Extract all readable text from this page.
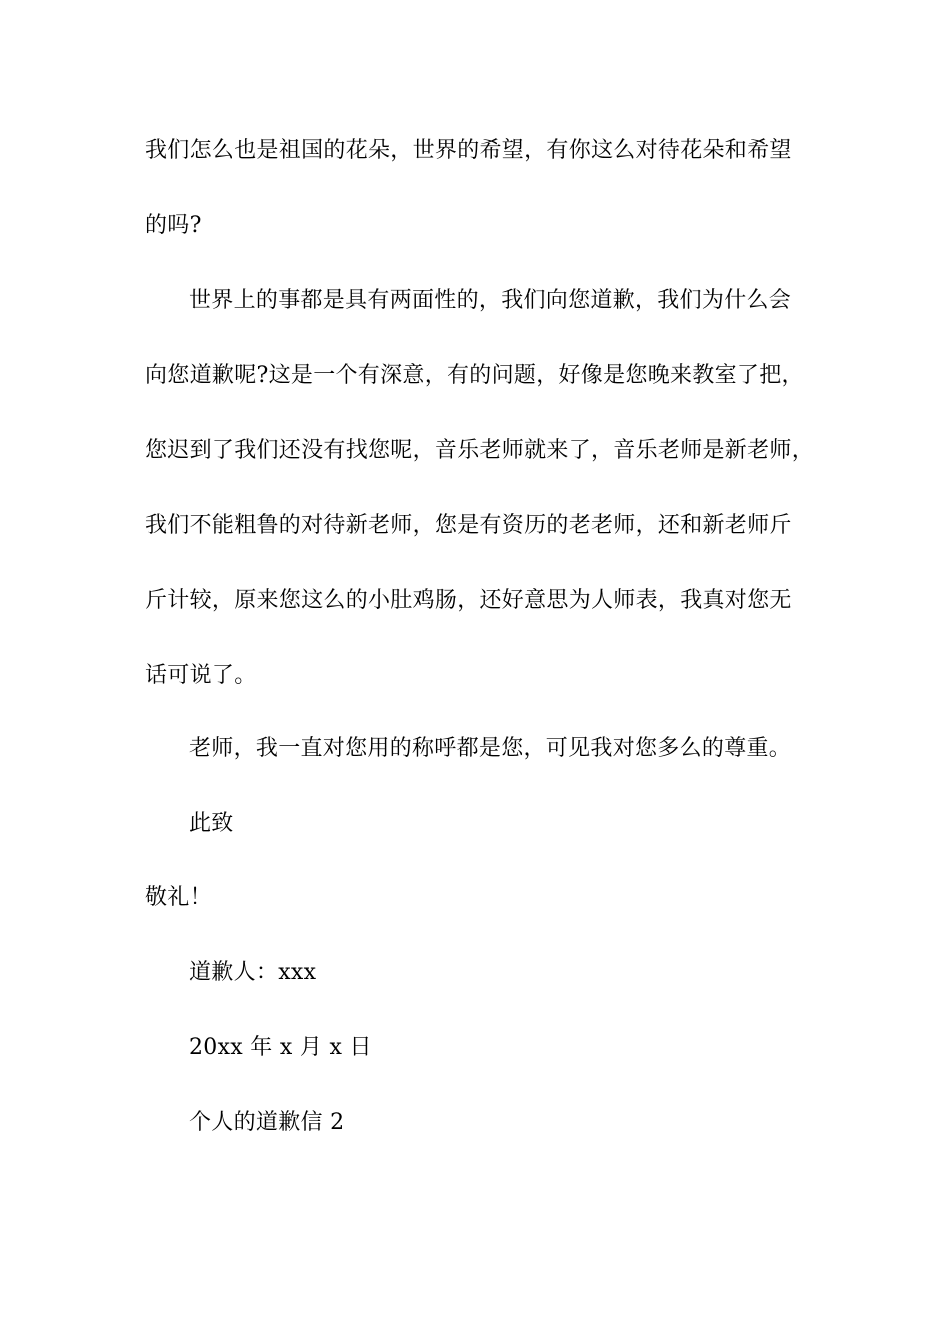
我们怎么也是祖国的花朵，世界的希望，有你这么对待花朵和希望
的吗?
世界上的事都是具有两面性的，我们向您道歉，我们为什么会
向您道歉呢?这是一个有深意，有的问题，好像是您晚来教室了把，
您迟到了我们还没有找您呢，音乐老师就来了，音乐老师是新老师，
我们不能粗鲁的对待新老师，您是有资历的老老师，还和新老师斤
斤计较，原来您这么的小肚鸡肠，还好意思为人师表，我真对您无
话可说了。
老师，我一直对您用的称呼都是您，可见我对您多么的尊重。
此致
敬礼！
道歉人：xxx
20xx 年 x 月 x 日
个人的道歉信 2
